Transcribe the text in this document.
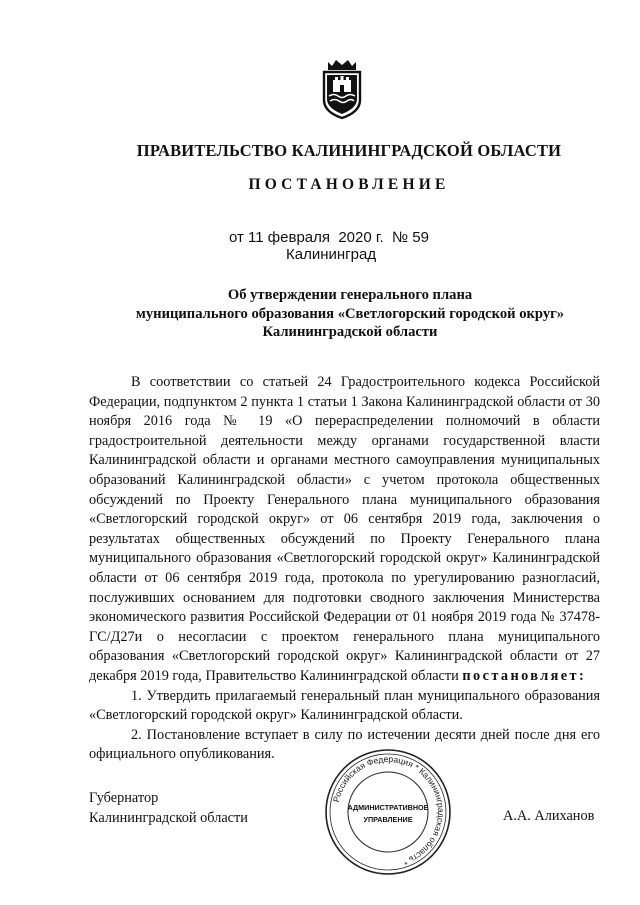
ПРАВИТЕЛЬСТВО КАЛИНИНГРАДСКОЙ ОБЛАСТИ
ПОСТАНОВЛЕНИЕ
от 11 февраля  2020 г.  № 59
Калининград
Об утверждении генерального плана
муниципального образования «Светлогорский городской округ»
Калининградской области

В соответствии со статьей 24 Градостроительного кодекса Российской Федерации, подпунктом 2 пункта 1 статьи 1 Закона Калининградской области от 30 ноября 2016 года № 19 «О перераспределении полномочий в области градостроительной деятельности между органами государственной власти Калининградской области и органами местного самоуправления муниципальных образований Калининградской области» с учетом протокола общественных обсуждений по Проекту Генерального плана муниципального образования «Светлогорский городской округ» от 06 сентября 2019 года, заключения о результатах общественных обсуждений по Проекту Генерального плана муниципального образования «Светлогорский городской округ» Калининградской области от 06 сентября 2019 года, протокола по урегулированию разногласий, послуживших основанием для подготовки сводного заключения Министерства экономического развития Российской Федерации от 01 ноября 2019 года № 37478-ГС/Д27и о несогласии с проектом генерального плана муниципального образования «Светлогорский городской округ» Калининградской области от 27 декабря 2019 года, Правительство Калининградской области постановляет:

1. Утвердить прилагаемый генеральный план муниципального образования «Светлогорский городской округ» Калининградской области.

2. Постановление вступает в силу по истечении десяти дней после дня его официального опубликования.

Губернатор
Калининградской области	А.А. Алиханов
Российская Федерация * Калининградская область *
АДМИНИСТРАТИВНОЕ
УПРАВЛЕНИЕ
